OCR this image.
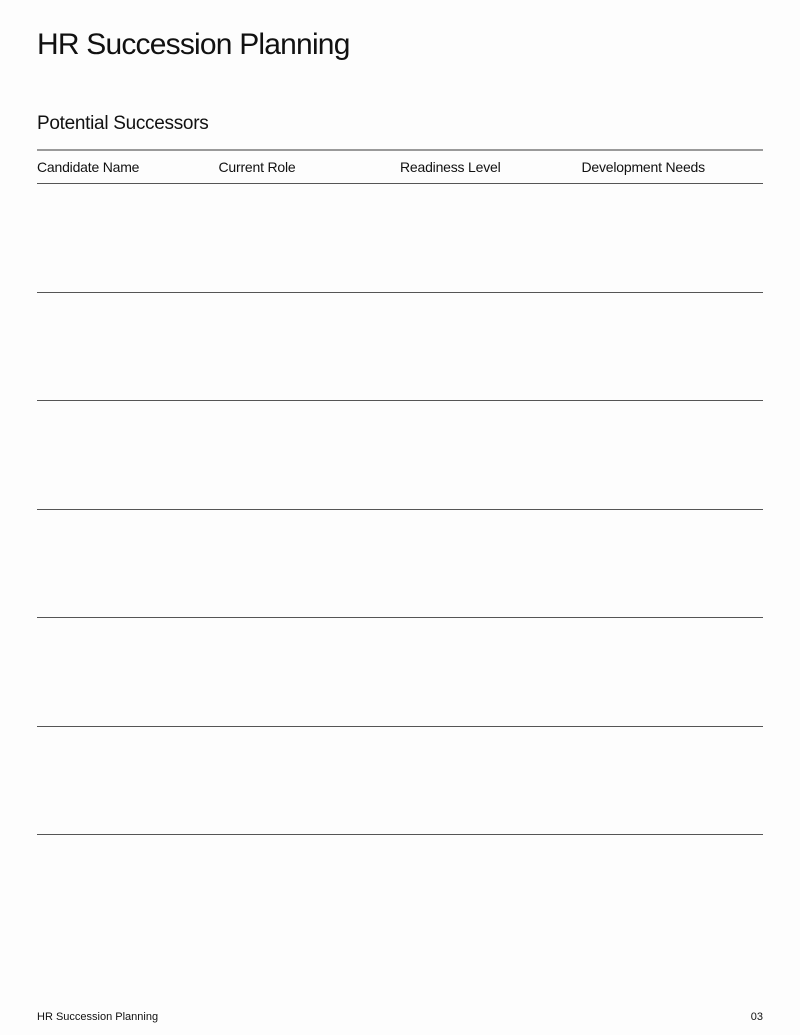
HR Succession Planning
Potential Successors
Candidate Name	Current Role	Readiness Level	Development Needs
HR Succession Planning	03
